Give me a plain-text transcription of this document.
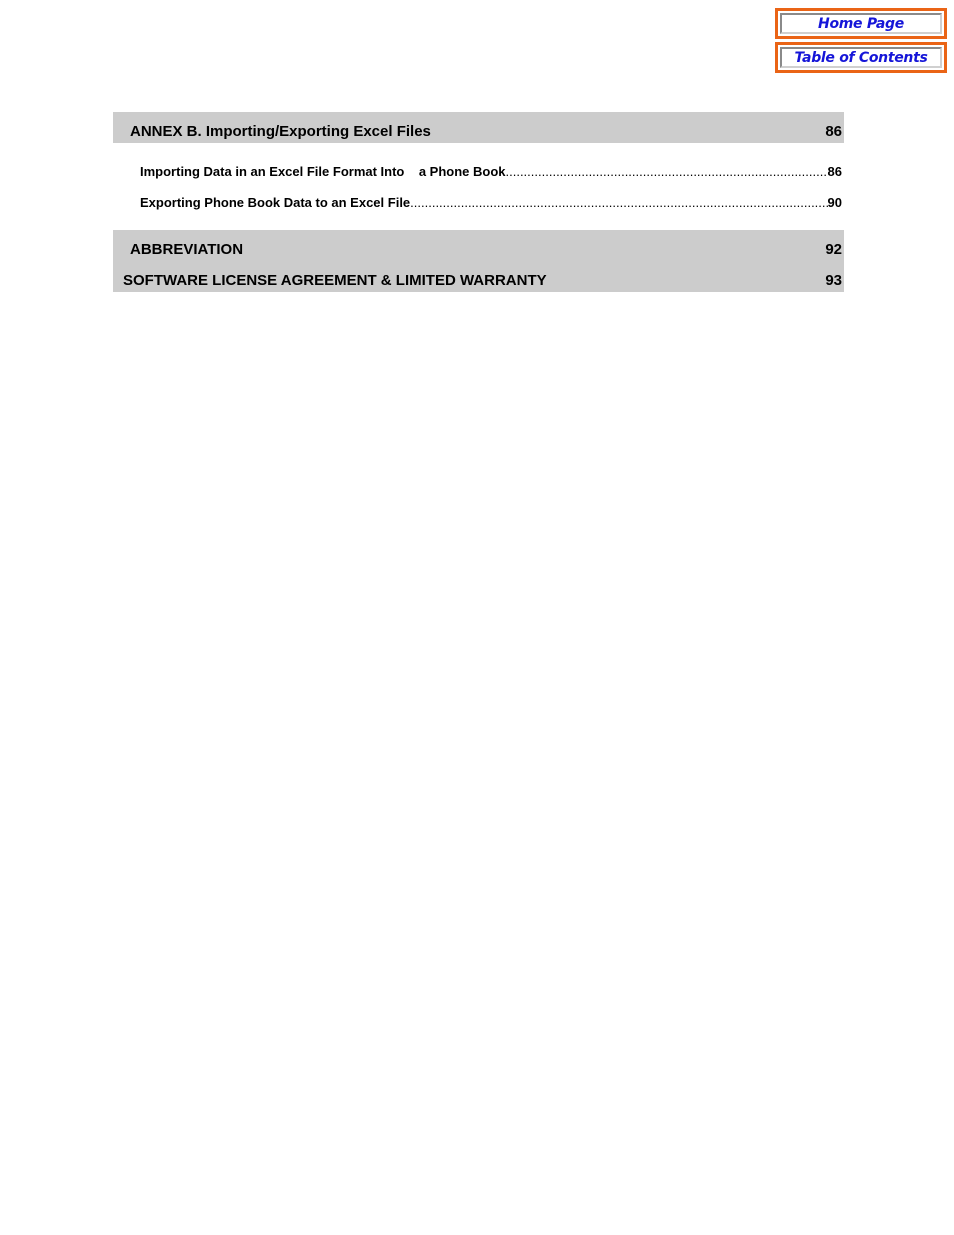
Home Page
Table of Contents
ANNEX B. Importing/Exporting Excel Files	86
Importing Data in an Excel File Format Into    a Phone Book .....	86
Exporting Phone Book Data to an Excel File .....	90
ABBREVIATION	92
SOFTWARE LICENSE AGREEMENT & LIMITED WARRANTY	93
